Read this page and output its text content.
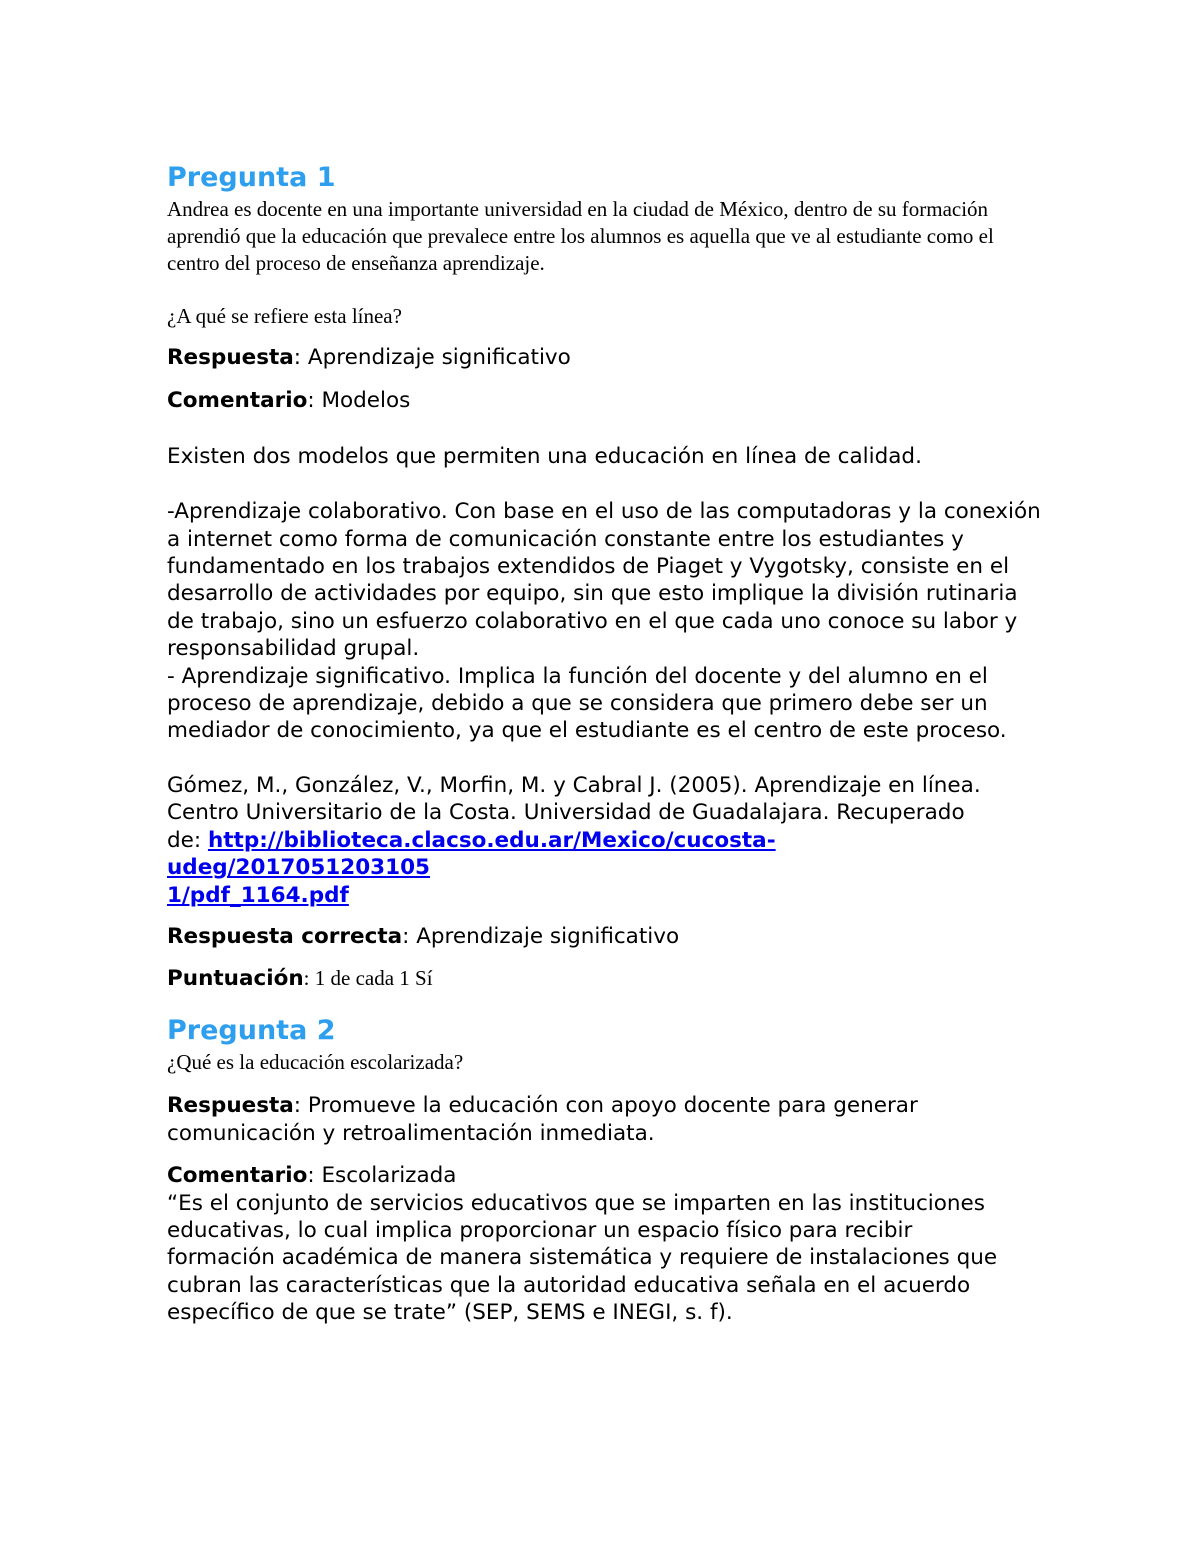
Pregunta 1

Andrea es docente en una importante universidad en la ciudad de México, dentro de su formación aprendió que la educación que prevalece entre los alumnos es aquella que ve al estudiante como el centro del proceso de enseñanza aprendizaje.

¿A qué se refiere esta línea?

Respuesta: Aprendizaje significativo

Comentario: Modelos

Existen dos modelos que permiten una educación en línea de calidad.

-Aprendizaje colaborativo. Con base en el uso de las computadoras y la conexión a internet como forma de comunicación constante entre los estudiantes y fundamentado en los trabajos extendidos de Piaget y Vygotsky, consiste en el desarrollo de actividades por equipo, sin que esto implique la división rutinaria de trabajo, sino un esfuerzo colaborativo en el que cada uno conoce su labor y responsabilidad grupal.

- Aprendizaje significativo. Implica la función del docente y del alumno en el proceso de aprendizaje, debido a que se considera que primero debe ser un mediador de conocimiento, ya que el estudiante es el centro de este proceso.

Gómez, M., González, V., Morfin, M. y Cabral J. (2005). Aprendizaje en línea. Centro Universitario de la Costa. Universidad de Guadalajara. Recuperado
de: http://biblioteca.clacso.edu.ar/Mexico/cucosta-udeg/2017051203105
1/pdf_1164.pdf

Respuesta correcta: Aprendizaje significativo

Puntuación: 1 de cada 1 Sí

Pregunta 2

¿Qué es la educación escolarizada?

Respuesta: Promueve la educación con apoyo docente para generar comunicación y retroalimentación inmediata.

Comentario: Escolarizada

“Es el conjunto de servicios educativos que se imparten en las instituciones educativas, lo cual implica proporcionar un espacio físico para recibir formación académica de manera sistemática y requiere de instalaciones que cubran las características que la autoridad educativa señala en el acuerdo específico de que se trate” (SEP, SEMS e INEGI, s. f).
